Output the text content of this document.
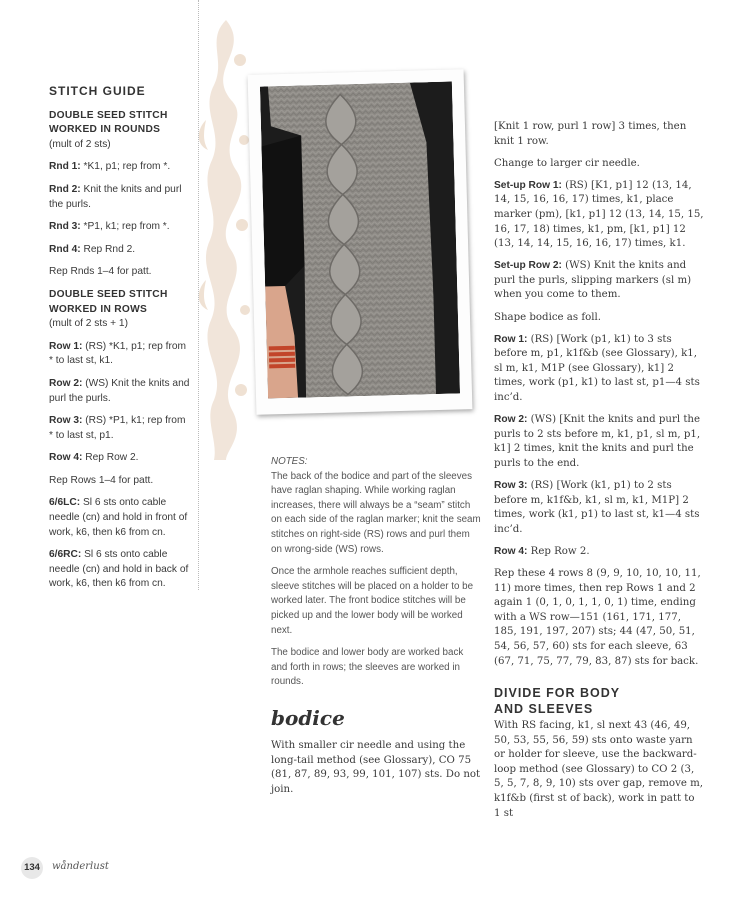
STITCH GUIDE
DOUBLE SEED STITCH WORKED IN ROUNDS
(mult of 2 sts)

Rnd 1: *K1, p1; rep from *.

Rnd 2: Knit the knits and purl the purls.

Rnd 3: *P1, k1; rep from *.

Rnd 4: Rep Rnd 2.

Rep Rnds 1–4 for patt.

DOUBLE SEED STITCH WORKED IN ROWS
(mult of 2 sts + 1)

Row 1: (RS) *K1, p1; rep from * to last st, k1.

Row 2: (WS) Knit the knits and purl the purls.

Row 3: (RS) *P1, k1; rep from * to last st, p1.

Row 4: Rep Row 2.

Rep Rows 1–4 for patt.

6/6LC: Sl 6 sts onto cable needle (cn) and hold in front of work, k6, then k6 from cn.

6/6RC: Sl 6 sts onto cable needle (cn) and hold in back of work, k6, then k6 from cn.

NOTES:

The back of the bodice and part of the sleeves have raglan shaping. While working raglan increases, there will always be a “seam” stitch on each side of the raglan marker; knit the seam stitches on right-side (RS) rows and purl them on wrong-side (WS) rows.

Once the armhole reaches sufficient depth, sleeve stitches will be placed on a holder to be worked later. The front bodice stitches will be picked up and the lower body will be worked next.

The bodice and lower body are worked back and forth in rows; the sleeves are worked in rounds.

bodice

With smaller cir needle and using the long-tail method (see Glossary), CO 75 (81, 87, 89, 93, 99, 101, 107) sts. Do not join.

[Knit 1 row, purl 1 row] 3 times, then knit 1 row.

Change to larger cir needle.

Set-up Row 1: (RS) [K1, p1] 12 (13, 14, 14, 15, 16, 16, 17) times, k1, place marker (pm), [k1, p1] 12 (13, 14, 15, 15, 16, 17, 18) times, k1, pm, [k1, p1] 12 (13, 14, 14, 15, 16, 16, 17) times, k1.

Set-up Row 2: (WS) Knit the knits and purl the purls, slipping markers (sl m) when you come to them.

Shape bodice as foll.

Row 1: (RS) [Work (p1, k1) to 3 sts before m, p1, k1f&b (see Glossary), k1, sl m, k1, M1P (see Glossary), k1] 2 times, work (p1, k1) to last st, p1—4 sts inc’d.

Row 2: (WS) [Knit the knits and purl the purls to 2 sts before m, k1, p1, sl m, p1, k1] 2 times, knit the knits and purl the purls to the end.

Row 3: (RS) [Work (k1, p1) to 2 sts before m, k1f&b, k1, sl m, k1, M1P] 2 times, work (k1, p1) to last st, k1—4 sts inc’d.

Row 4: Rep Row 2.

Rep these 4 rows 8 (9, 9, 10, 10, 10, 11, 11) more times, then rep Rows 1 and 2 again 1 (0, 1, 0, 1, 1, 0, 1) time, ending with a WS row—151 (161, 171, 177, 185, 191, 197, 207) sts; 44 (47, 50, 51, 54, 56, 57, 60) sts for each sleeve, 63 (67, 71, 75, 77, 79, 83, 87) sts for back.

DIVIDE FOR BODY
AND SLEEVES

With RS facing, k1, sl next 43 (46, 49, 50, 53, 55, 56, 59) sts onto waste yarn or holder for sleeve, use the backward-loop method (see Glossary) to CO 2 (3, 5, 5, 7, 8, 9, 10) sts over gap, remove m, k1f&b (first st of back), work in patt to 1 st

134	wånderlust
